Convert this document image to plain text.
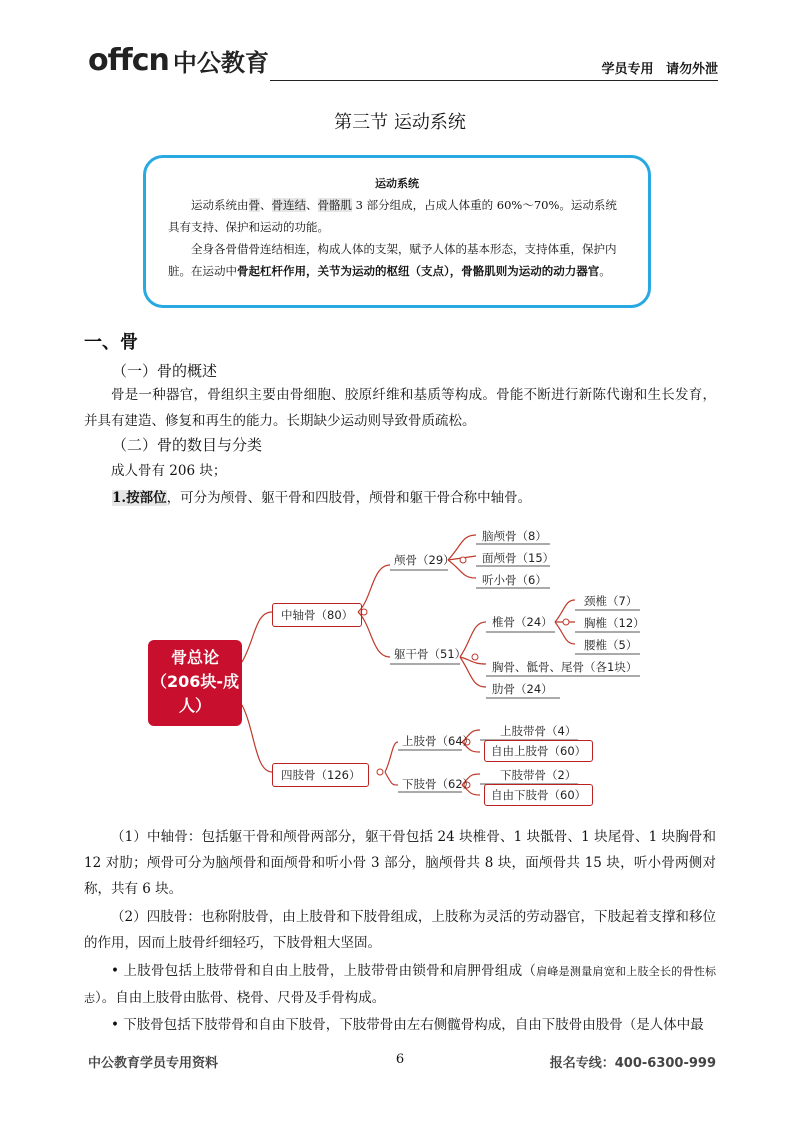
offcn 中公教育	学员专用 请勿外泄
第三节 运动系统
运动系统

运动系统由骨、骨连结、骨骼肌 3 部分组成，占成人体重的 60%～70%。运动系统具有支持、保护和运动的功能。

全身各骨借骨连结相连，构成人体的支架，赋予人体的基本形态，支持体重，保护内脏。在运动中骨起杠杆作用，关节为运动的枢纽（支点），骨骼肌则为运动的动力器官。

一、骨
（一）骨的概述
骨是一种器官，骨组织主要由骨细胞、胶原纤维和基质等构成。骨能不断进行新陈代谢和生长发育，并具有建造、修复和再生的能力。长期缺少运动则导致骨质疏松。
（二）骨的数目与分类
成人骨有 206 块；
1.按部位，可分为颅骨、躯干骨和四肢骨，颅骨和躯干骨合称中轴骨。
骨总论（206块-成人）
中轴骨（80）
四肢骨（126）
颅骨（29）
脑颅骨（8）
面颅骨（15）
听小骨（6）
躯干骨（51）
椎骨（24）
颈椎（7）
胸椎（12）
腰椎（5）
胸骨、骶骨、尾骨（各1块）
肋骨（24）
上肢骨（64）
上肢带骨（4）
自由上肢骨（60）
下肢骨（62）
下肢带骨（2）
自由下肢骨（60）
（1）中轴骨：包括躯干骨和颅骨两部分，躯干骨包括 24 块椎骨、1 块骶骨、1 块尾骨、1 块胸骨和 12 对肋；颅骨可分为脑颅骨和面颅骨和听小骨 3 部分，脑颅骨共 8 块，面颅骨共 15 块，听小骨两侧对称，共有 6 块。
（2）四肢骨：也称附肢骨，由上肢骨和下肢骨组成，上肢称为灵活的劳动器官，下肢起着支撑和移位的作用，因而上肢骨纤细轻巧，下肢骨粗大坚固。
• 上肢骨包括上肢带骨和自由上肢骨，上肢带骨由锁骨和肩胛骨组成（肩峰是测量肩宽和上肢全长的骨性标志）。自由上肢骨由肱骨、桡骨、尺骨及手骨构成。
• 下肢骨包括下肢带骨和自由下肢骨，下肢带骨由左右侧髋骨构成，自由下肢骨由股骨（是人体中最
中公教育学员专用资料	6	报名专线：400-6300-999
